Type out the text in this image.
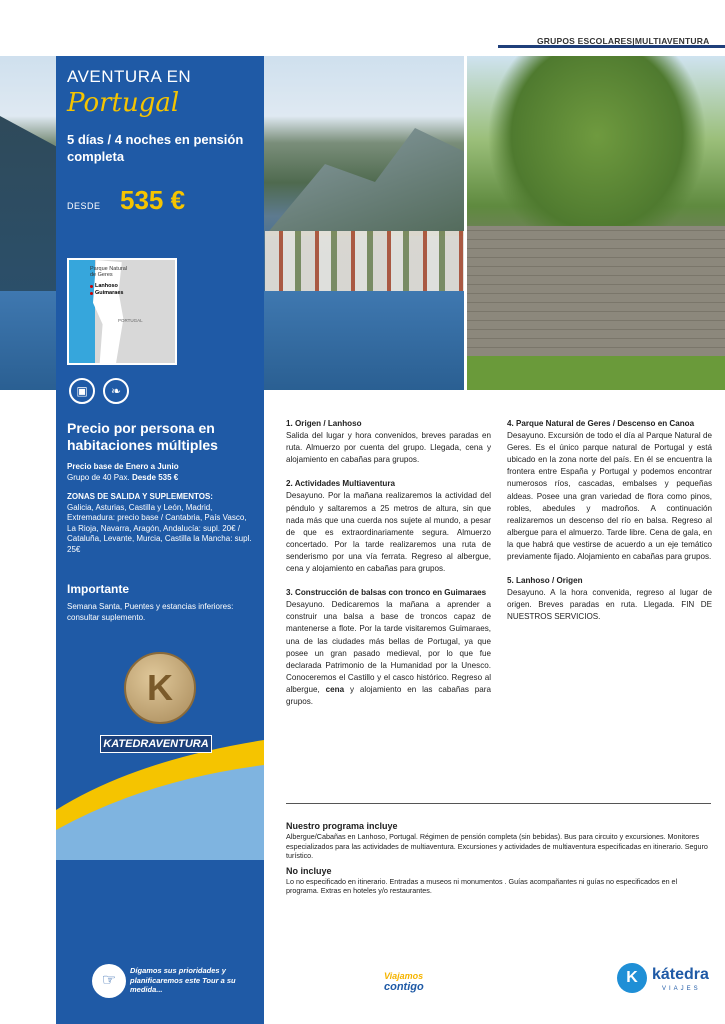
GRUPOS ESCOLARES|MULTIAVENTURA
AVENTURA EN
Portugal
5 días / 4 noches en pensión completa
DESDE 535 €
Parque Natural de Geres
Lanhoso
Guimaraes
PORTUGAL
▣	❧
Precio por persona en habitaciones múltiples
Precio base de Enero a Junio
Grupo de 40 Pax. Desde 535 €
ZONAS DE SALIDA Y SUPLEMENTOS:
Galicia, Asturias, Castilla y León, Madrid, Extremadura: precio base / Cantabria, País Vasco, La Rioja, Navarra, Aragón, Andalucía: supl. 20€ / Cataluña, Levante, Murcia, Castilla la Mancha: supl. 25€
Importante
Semana Santa, Puentes y estancias inferiores: consultar suplemento.
K
KATEDRAVENTURA
☞
Dígamos sus prioridades y planificaremos este Tour a su medida...
1. Origen / Lanhoso

Salida del lugar y hora convenidos, breves paradas en ruta. Almuerzo por cuenta del grupo. Llegada, cena y alojamiento en cabañas para grupos.

2. Actividades Multiaventura

Desayuno. Por la mañana realizaremos la actividad del péndulo y saltaremos a 25 metros de altura, sin que nada más que una cuerda nos sujete al mundo, a pesar de que es extraordinariamente segura. Almuerzo concertado. Por la tarde realizaremos una ruta de senderismo por una vía ferrata. Regreso al albergue, cena y alojamiento en cabañas para grupos.

3. Construcción de balsas con tronco en Guimaraes

Desayuno. Dedicaremos la mañana a aprender a construir una balsa a base de troncos capaz de mantenerse a flote. Por la tarde visitaremos Guimaraes, una de las ciudades más bellas de Portugal, ya que posee un gran pasado medieval, por lo que fue declarada Patrimonio de la Humanidad por la Unesco. Conoceremos el Castillo y el casco histórico. Regreso al albergue, cena y alojamiento en las cabañas para grupos.

4. Parque Natural de Geres / Descenso en Canoa

Desayuno. Excursión de todo el día al Parque Natural de Geres. Es el único parque natural de Portugal y está ubicado en la zona norte del país. En él se encuentra la frontera entre España y Portugal y podemos encontrar numerosos ríos, cascadas, embalses y pequeñas aldeas. Posee una gran variedad de flora como pinos, robles, abedules y madroños. A continuación realizaremos un descenso del río en balsa. Regreso al albergue para el almuerzo. Tarde libre. Cena de gala, en la que habrá que vestirse de acuerdo a un eje temático previamente fijado. Alojamiento en cabañas para grupos.

5. Lanhoso / Origen

Desayuno. A la hora convenida, regreso al lugar de origen. Breves paradas en ruta. Llegada. FIN DE NUESTROS SERVICIOS.

Nuestro programa incluye

Albergue/Cabañas en Lanhoso, Portugal. Régimen de pensión completa (sin bebidas). Bus para circuito y excursiones. Monitores especializados para las actividades de multiaventura. Excursiones y actividades de multiaventura especificadas en itinerario. Seguro turístico.

No incluye

Lo no especificado en itinerario. Entradas a museos ni monumentos . Guías acompañantes ni guías no especificados en el programa. Extras en hoteles y/o restaurantes.

Viajamos
contigo
K kátedra
VIAJES
